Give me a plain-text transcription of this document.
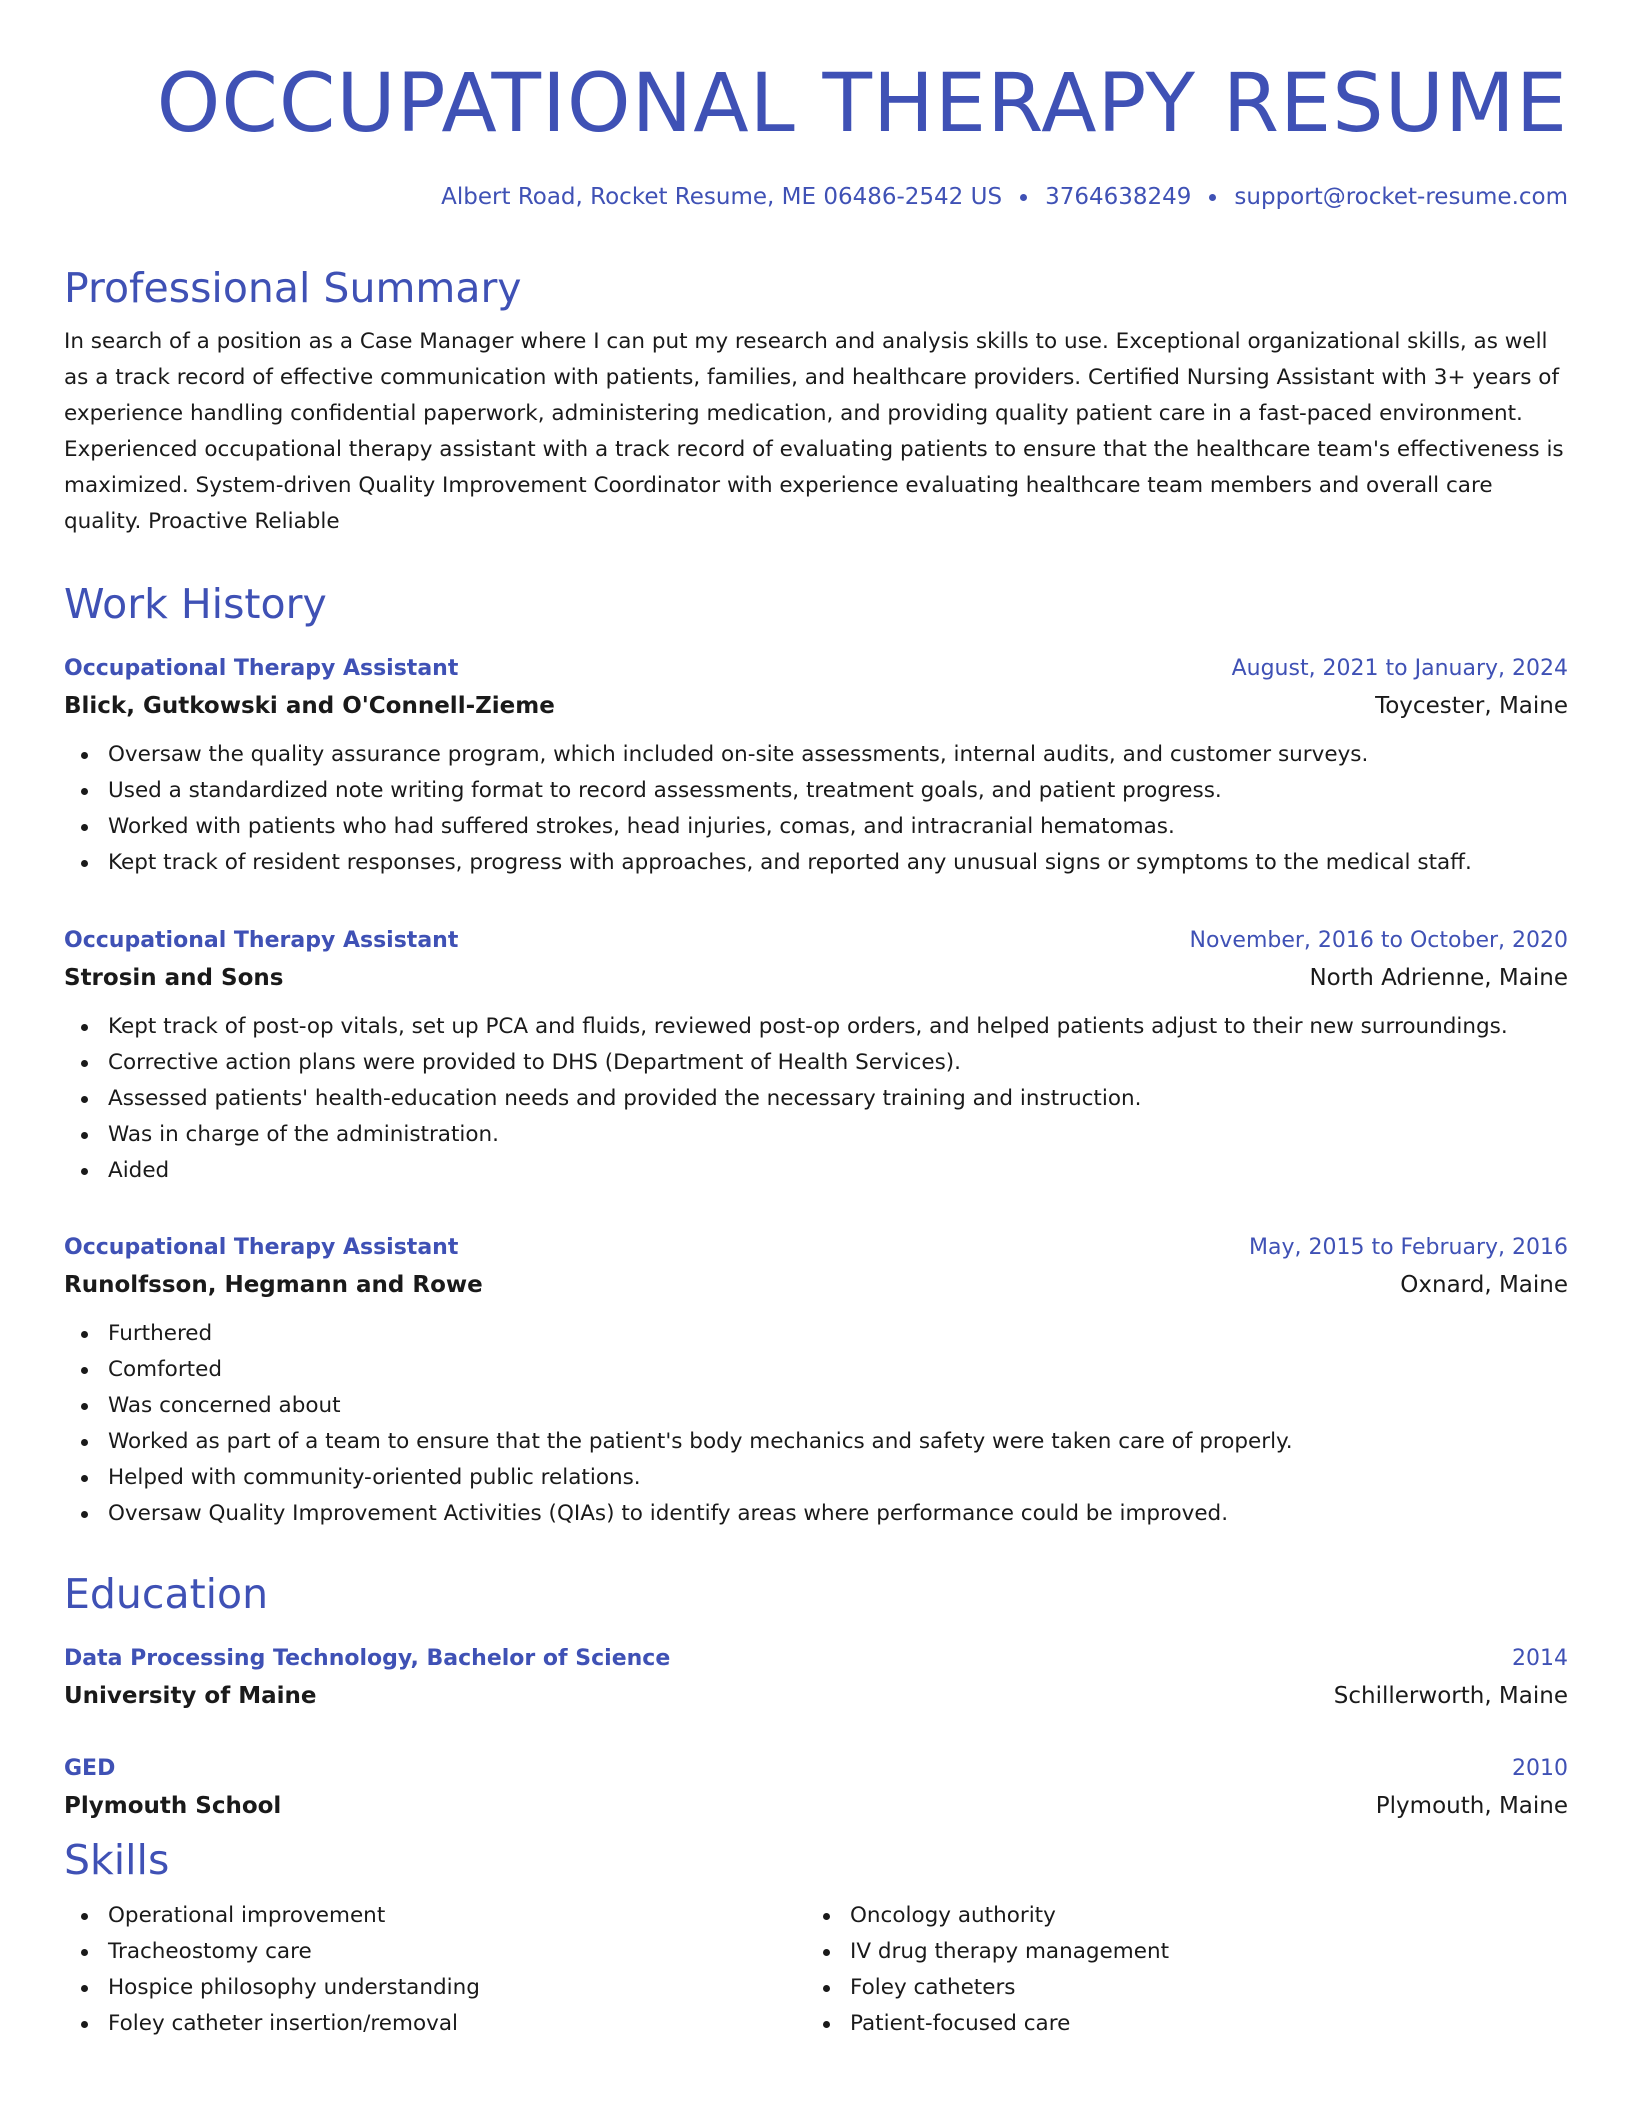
OCCUPATIONAL THERAPY RESUME
Albert Road, Rocket Resume, ME 06486-2542 US 3764638249 support@rocket-resume.com
Professional Summary

In search of a position as a Case Manager where I can put my research and analysis skills to use. Exceptional organizational skills, as well as a track record of effective communication with patients, families, and healthcare providers. Certified Nursing Assistant with 3+ years of experience handling confidential paperwork, administering medication, and providing quality patient care in a fast-paced environment. Experienced occupational therapy assistant with a track record of evaluating patients to ensure that the healthcare team's effectiveness is maximized. System-driven Quality Improvement Coordinator with experience evaluating healthcare team members and overall care quality. Proactive Reliable

Work History
Occupational Therapy Assistant	August, 2021 to January, 2024
Blick, Gutkowski and O'Connell-Zieme	Toycester, Maine
Oversaw the quality assurance program, which included on-site assessments, internal audits, and customer surveys.
Used a standardized note writing format to record assessments, treatment goals, and patient progress.
Worked with patients who had suffered strokes, head injuries, comas, and intracranial hematomas.
Kept track of resident responses, progress with approaches, and reported any unusual signs or symptoms to the medical staff.
Occupational Therapy Assistant	November, 2016 to October, 2020
Strosin and Sons	North Adrienne, Maine
Kept track of post-op vitals, set up PCA and fluids, reviewed post-op orders, and helped patients adjust to their new surroundings.
Corrective action plans were provided to DHS (Department of Health Services).
Assessed patients' health-education needs and provided the necessary training and instruction.
Was in charge of the administration.
Aided
Occupational Therapy Assistant	May, 2015 to February, 2016
Runolfsson, Hegmann and Rowe	Oxnard, Maine
Furthered
Comforted
Was concerned about
Worked as part of a team to ensure that the patient's body mechanics and safety were taken care of properly.
Helped with community-oriented public relations.
Oversaw Quality Improvement Activities (QIAs) to identify areas where performance could be improved.
Education
Data Processing Technology, Bachelor of Science	2014
University of Maine	Schillerworth, Maine
GED	2010
Plymouth School	Plymouth, Maine
Skills
Operational improvement
Tracheostomy care
Hospice philosophy understanding
Foley catheter insertion/removal
Oncology authority
IV drug therapy management
Foley catheters
Patient-focused care
